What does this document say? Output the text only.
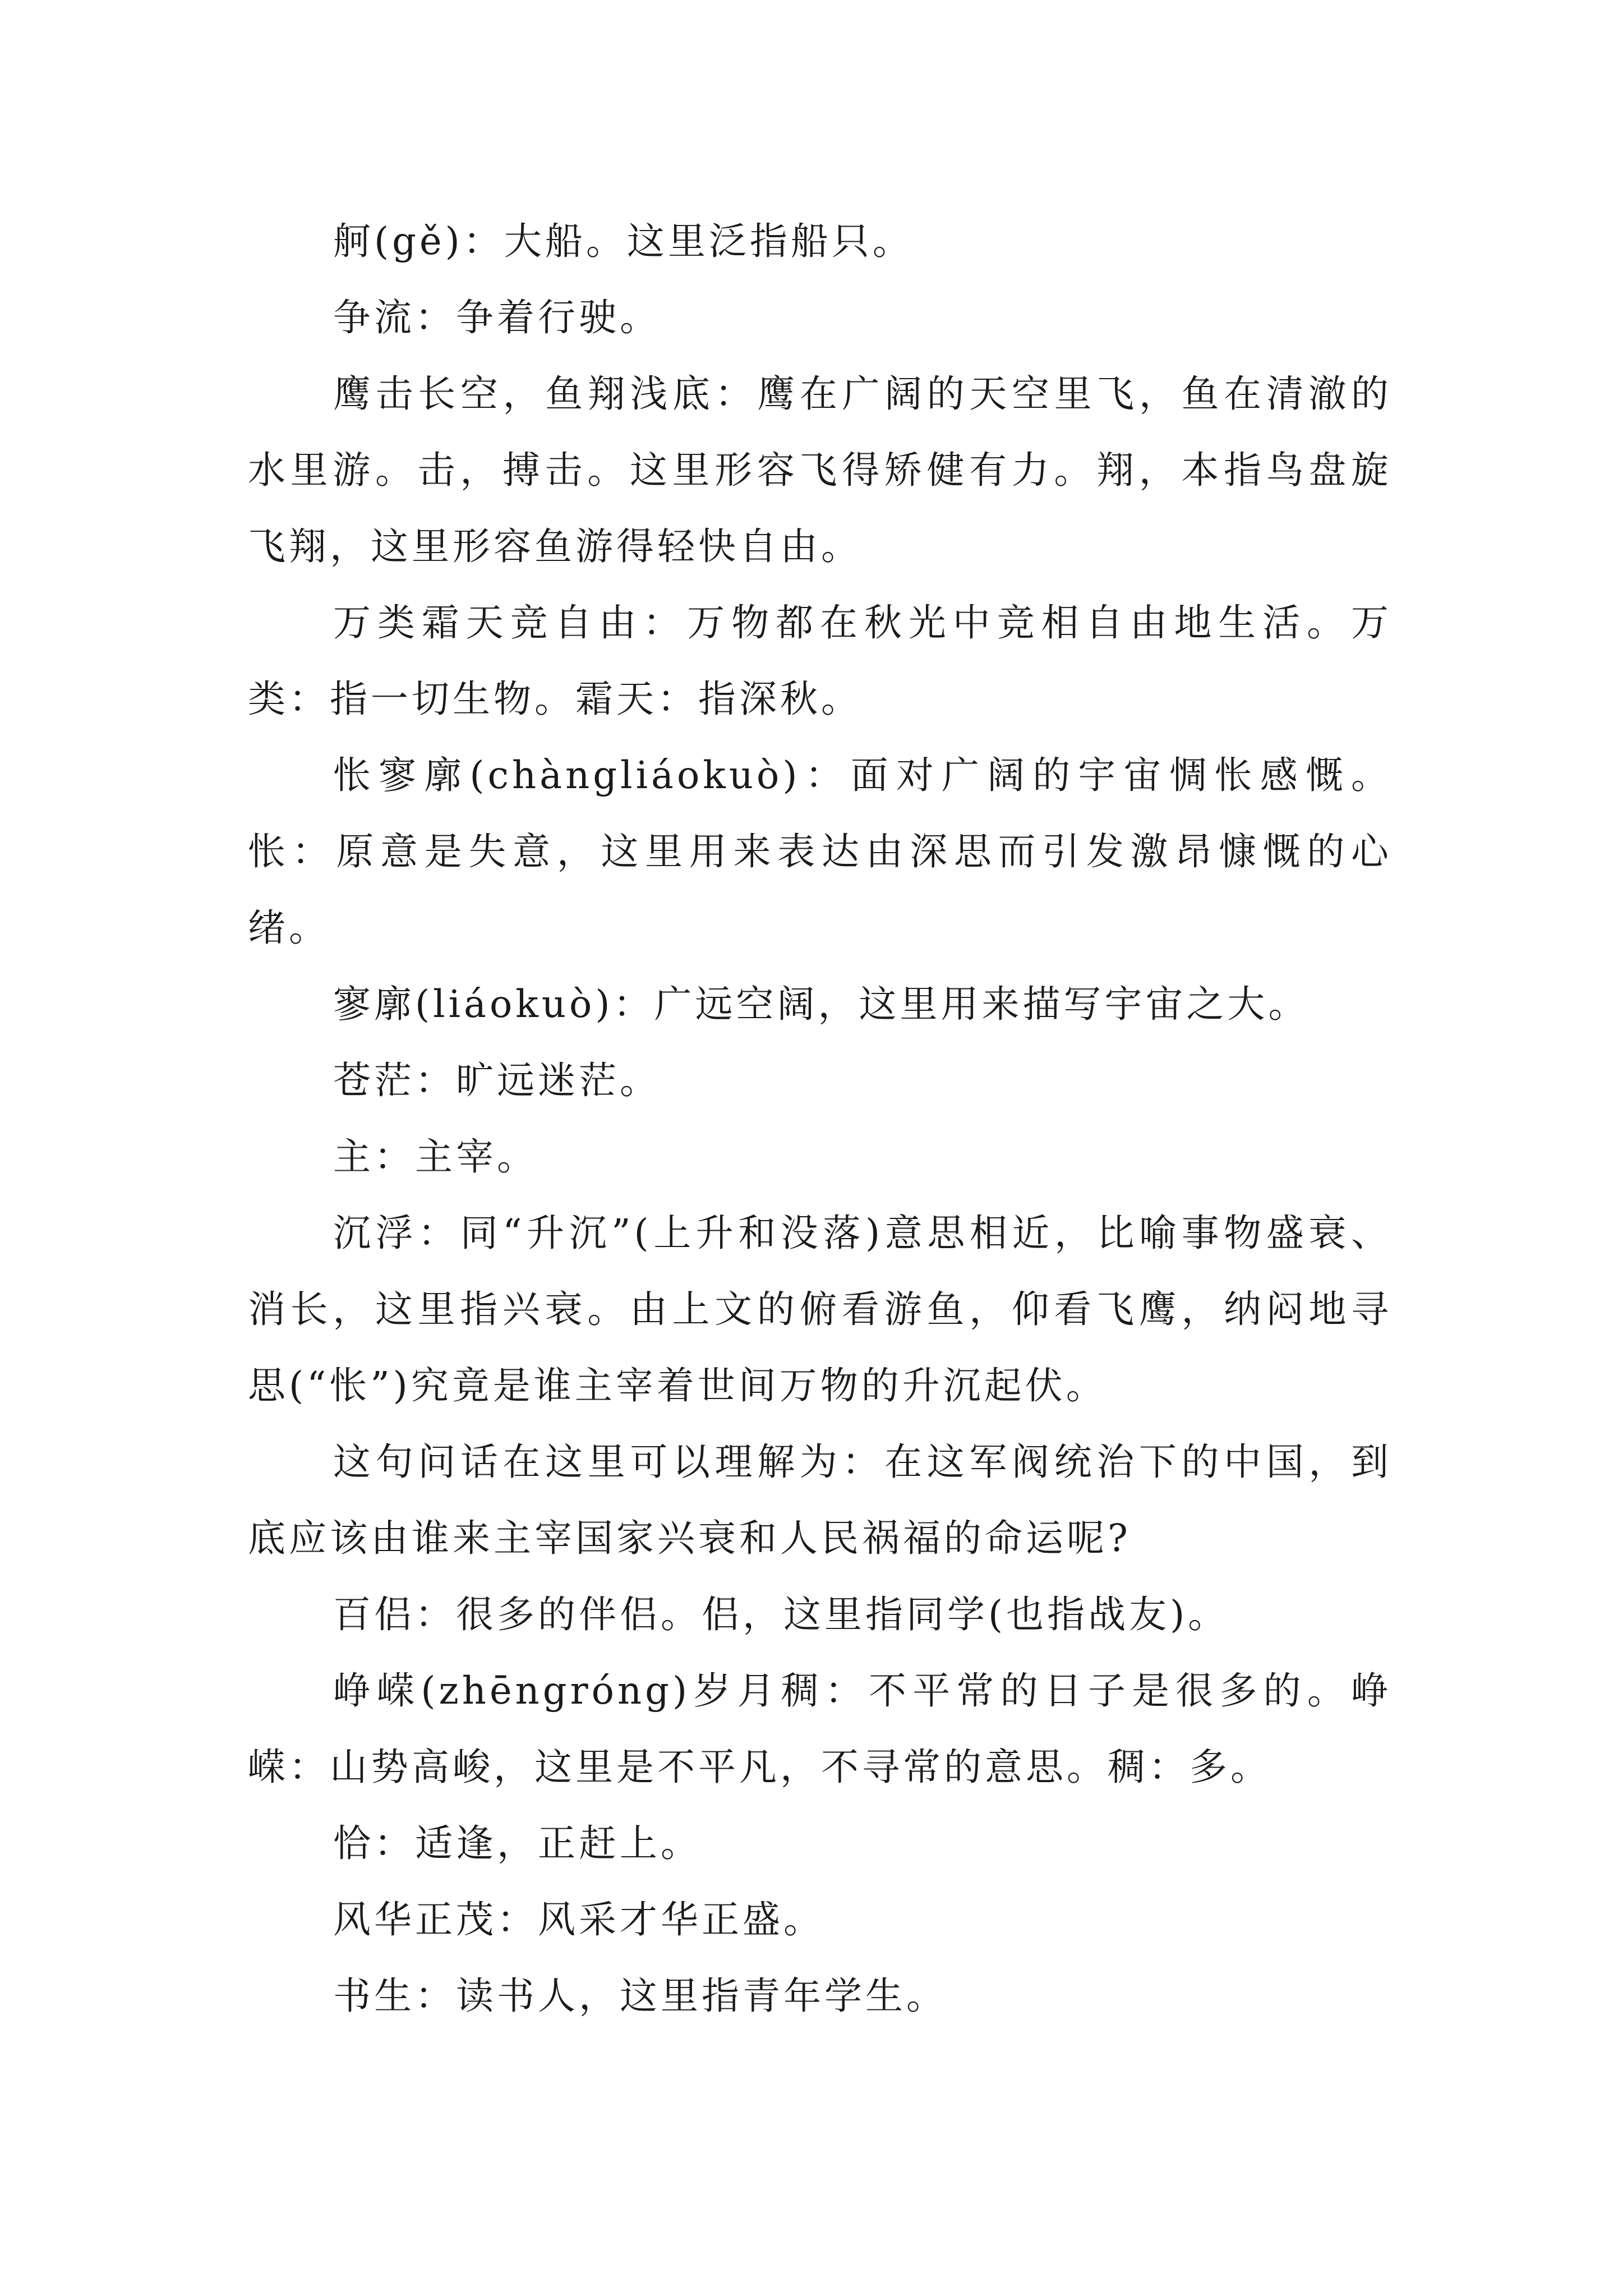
舸(gě)：大船。这里泛指船只。

争流：争着行驶。

鹰击长空，鱼翔浅底：鹰在广阔的天空里飞，鱼在清澈的水里游。击，搏击。这里形容飞得矫健有力。翔，本指鸟盘旋飞翔，这里形容鱼游得轻快自由。

万类霜天竞自由：万物都在秋光中竞相自由地生活。万类：指一切生物。霜天：指深秋。

怅寥廓(chàngliáokuò)：面对广阔的宇宙惆怅感慨。怅：原意是失意，这里用来表达由深思而引发激昂慷慨的心绪。

寥廓(liáokuò)：广远空阔，这里用来描写宇宙之大。

苍茫：旷远迷茫。

主：主宰。

沉浮：同“升沉”(上升和没落)意思相近，比喻事物盛衰、消长，这里指兴衰。由上文的俯看游鱼，仰看飞鹰，纳闷地寻思(“怅”)究竟是谁主宰着世间万物的升沉起伏。

这句问话在这里可以理解为：在这军阀统治下的中国，到底应该由谁来主宰国家兴衰和人民祸福的命运呢?

百侣：很多的伴侣。侣，这里指同学(也指战友)。

峥嵘(zhēngróng)岁月稠：不平常的日子是很多的。峥嵘：山势高峻，这里是不平凡，不寻常的意思。稠：多。

恰：适逢，正赶上。

风华正茂：风采才华正盛。

书生：读书人，这里指青年学生。
